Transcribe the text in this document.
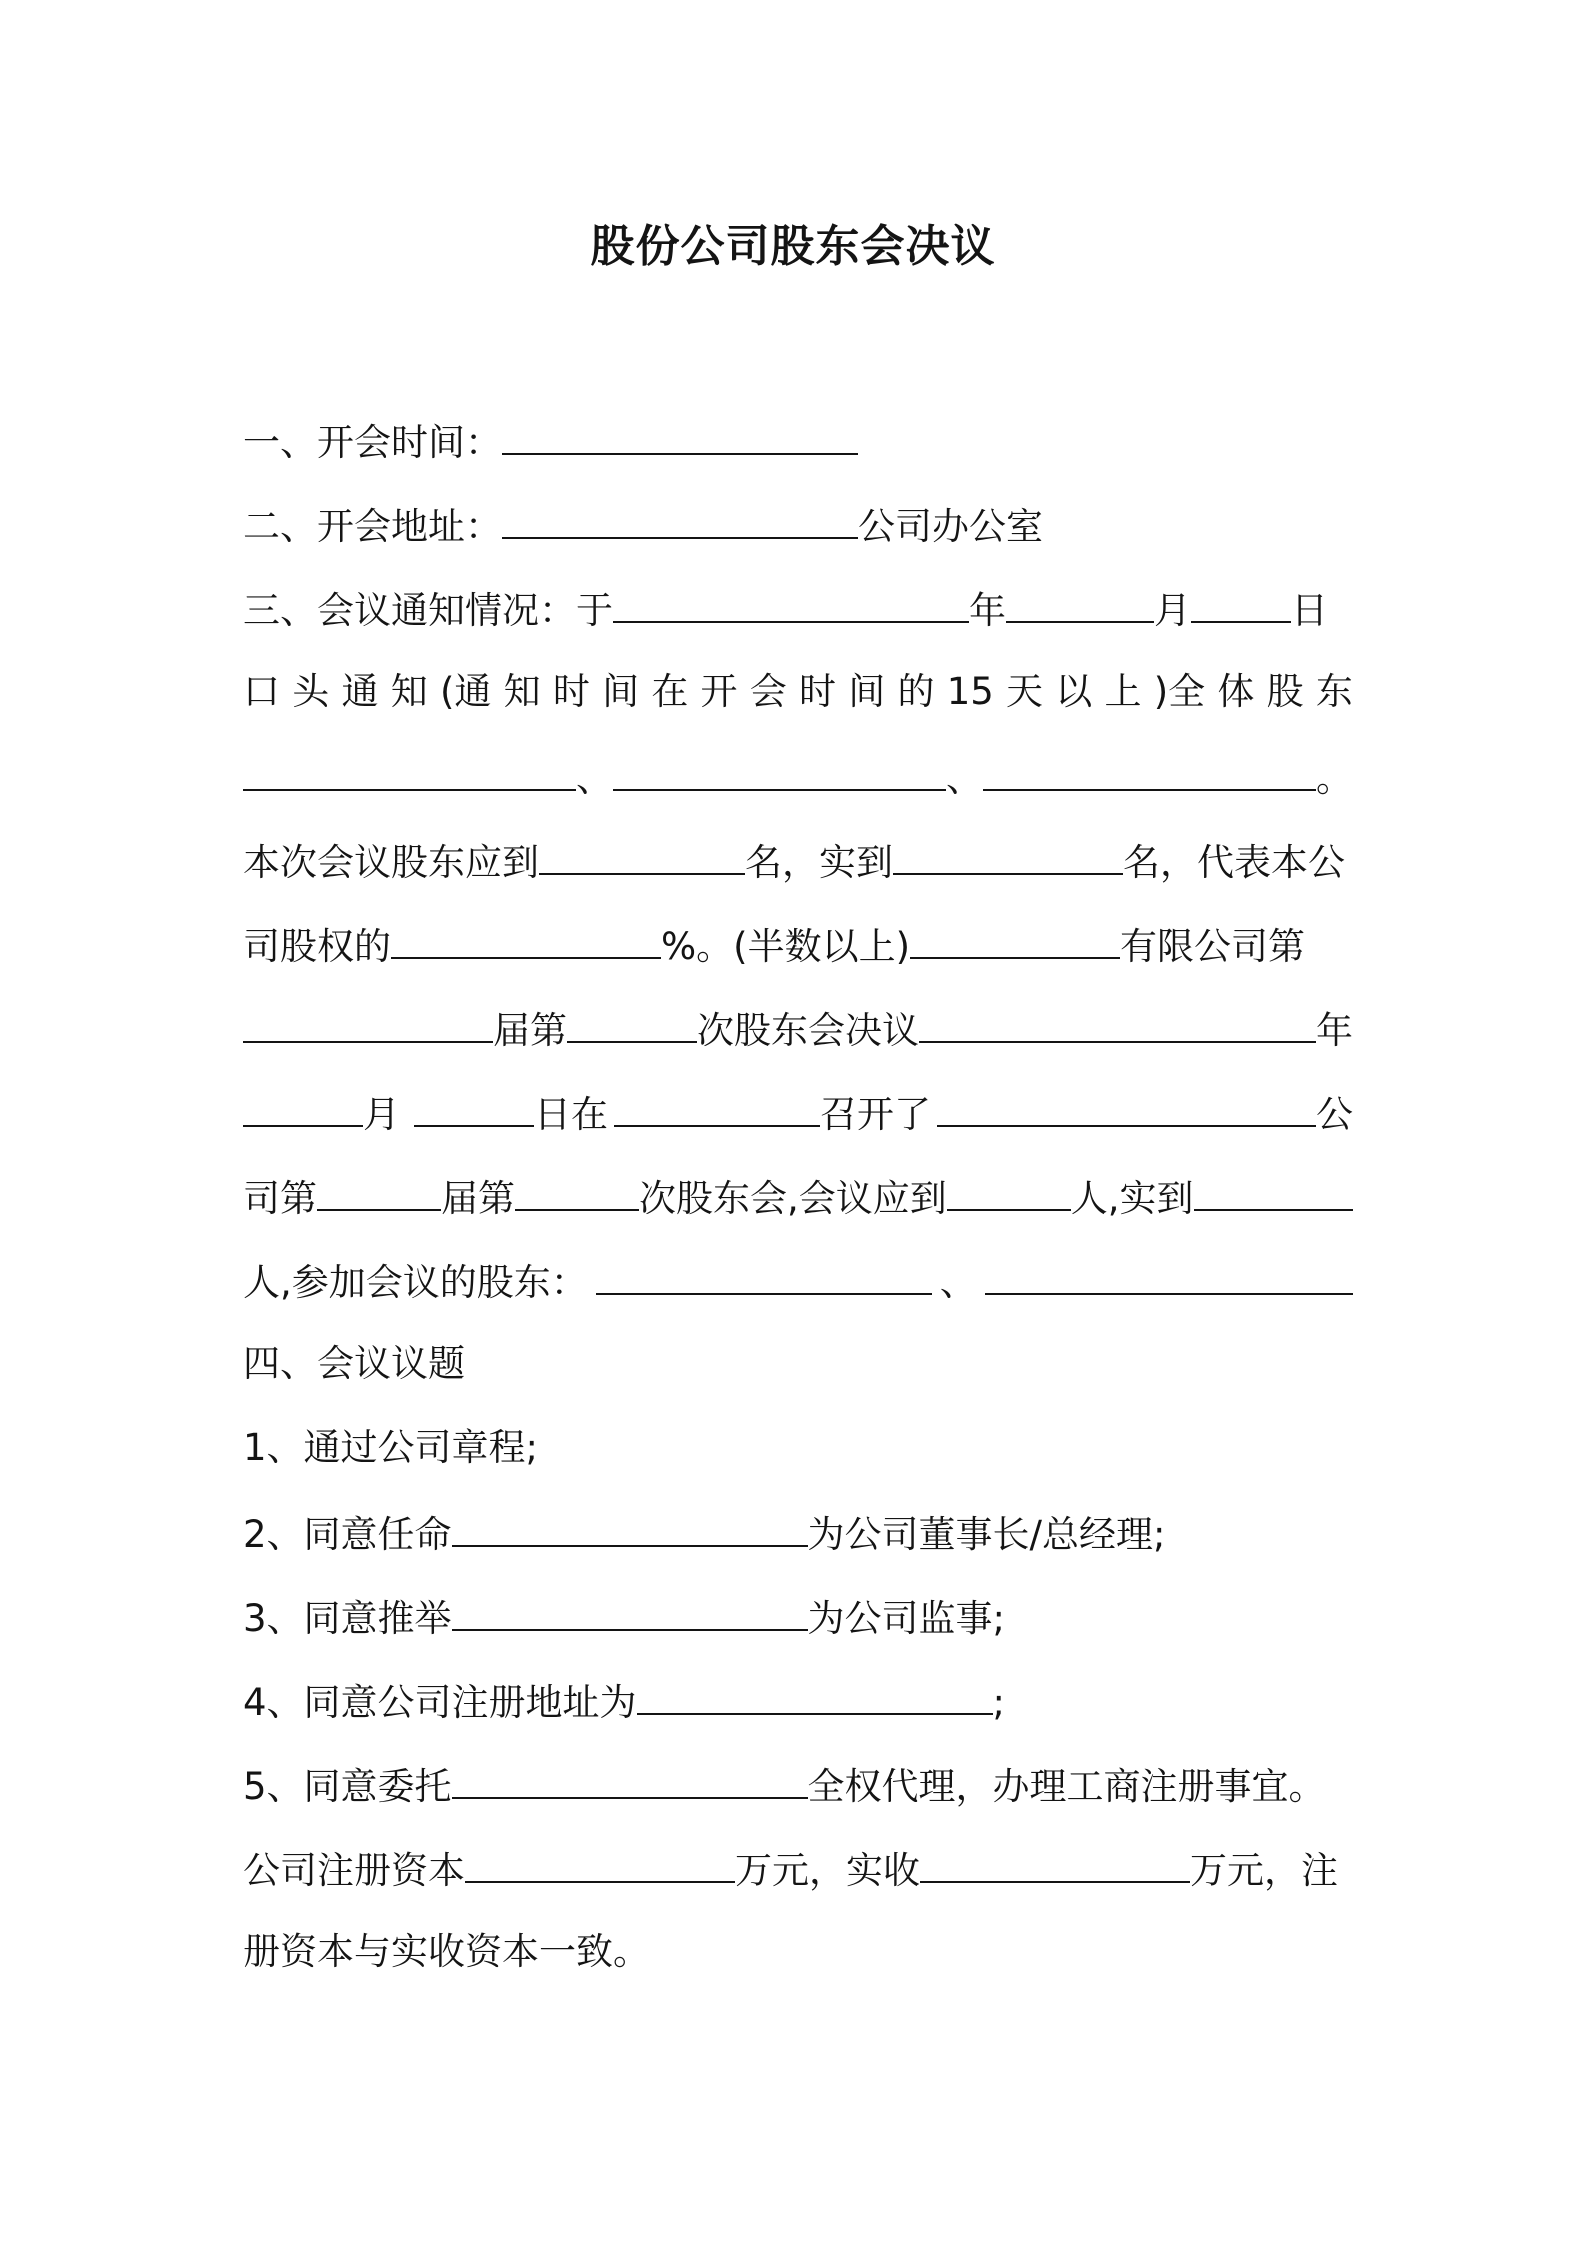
股份公司股东会决议
一、开会时间：
二、开会地址：	公司办公室
三、会议通知情况：于	年	月	日
口 头 通 知 (通 知 时 间 在 开 会 时 间 的 15 天 以 上 )全 体 股 东
、	、	。
本次会议股东应到	名，实到	名，代表本公
司股权的	%。(半数以上)	有限公司第
届第	次股东会决议	年
月	日在	召开了	公
司第	届第	次股东会,会议应到	人,实到
人,参加会议的股东：	、
四、会议议题
1、通过公司章程;
2、同意任命	为公司董事长/总经理;
3、同意推举	为公司监事;
4、同意公司注册地址为	;
5、同意委托	全权代理，办理工商注册事宜。
公司注册资本	万元，实收	万元，注
册资本与实收资本一致。
